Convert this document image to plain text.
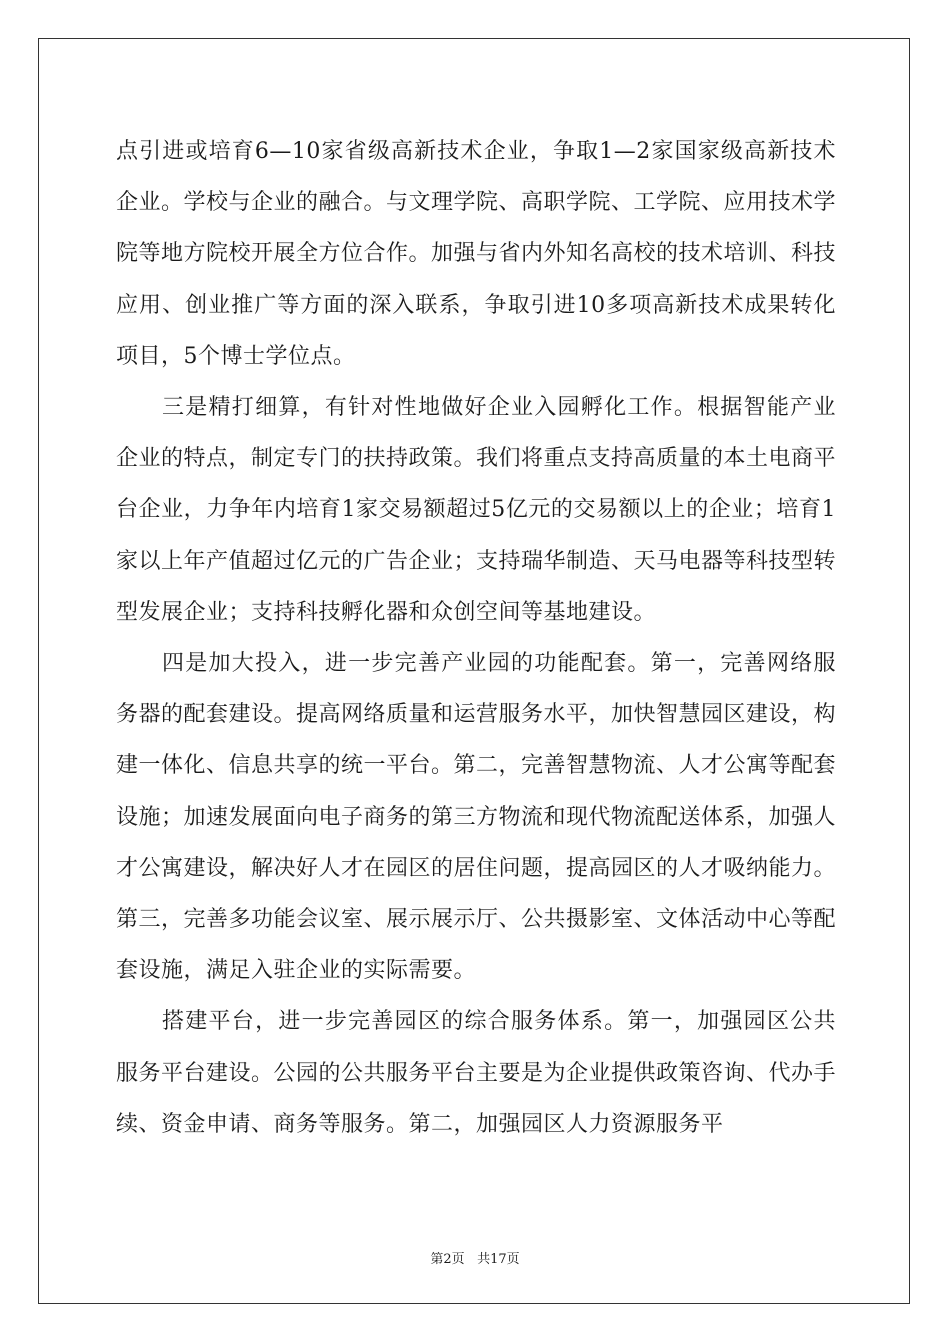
点引进或培育6—10家省级高新技术企业，争取1—2家国家级高新技术企业。学校与企业的融合。与文理学院、高职学院、工学院、应用技术学院等地方院校开展全方位合作。加强与省内外知名高校的技术培训、科技应用、创业推广等方面的深入联系，争取引进10多项高新技术成果转化项目，5个博士学位点。

三是精打细算，有针对性地做好企业入园孵化工作。根据智能产业企业的特点，制定专门的扶持政策。我们将重点支持高质量的本土电商平台企业，力争年内培育1家交易额超过5亿元的交易额以上的企业；培育1家以上年产值超过亿元的广告企业；支持瑞华制造、天马电器等科技型转型发展企业；支持科技孵化器和众创空间等基地建设。

四是加大投入，进一步完善产业园的功能配套。第一，完善网络服务器的配套建设。提高网络质量和运营服务水平，加快智慧园区建设，构建一体化、信息共享的统一平台。第二，完善智慧物流、人才公寓等配套设施；加速发展面向电子商务的第三方物流和现代物流配送体系，加强人才公寓建设，解决好人才在园区的居住问题，提高园区的人才吸纳能力。第三，完善多功能会议室、展示展示厅、公共摄影室、文体活动中心等配套设施，满足入驻企业的实际需要。

搭建平台，进一步完善园区的综合服务体系。第一，加强园区公共服务平台建设。公园的公共服务平台主要是为企业提供政策咨询、代办手续、资金申请、商务等服务。第二，加强园区人力资源服务平

第2页 共17页
